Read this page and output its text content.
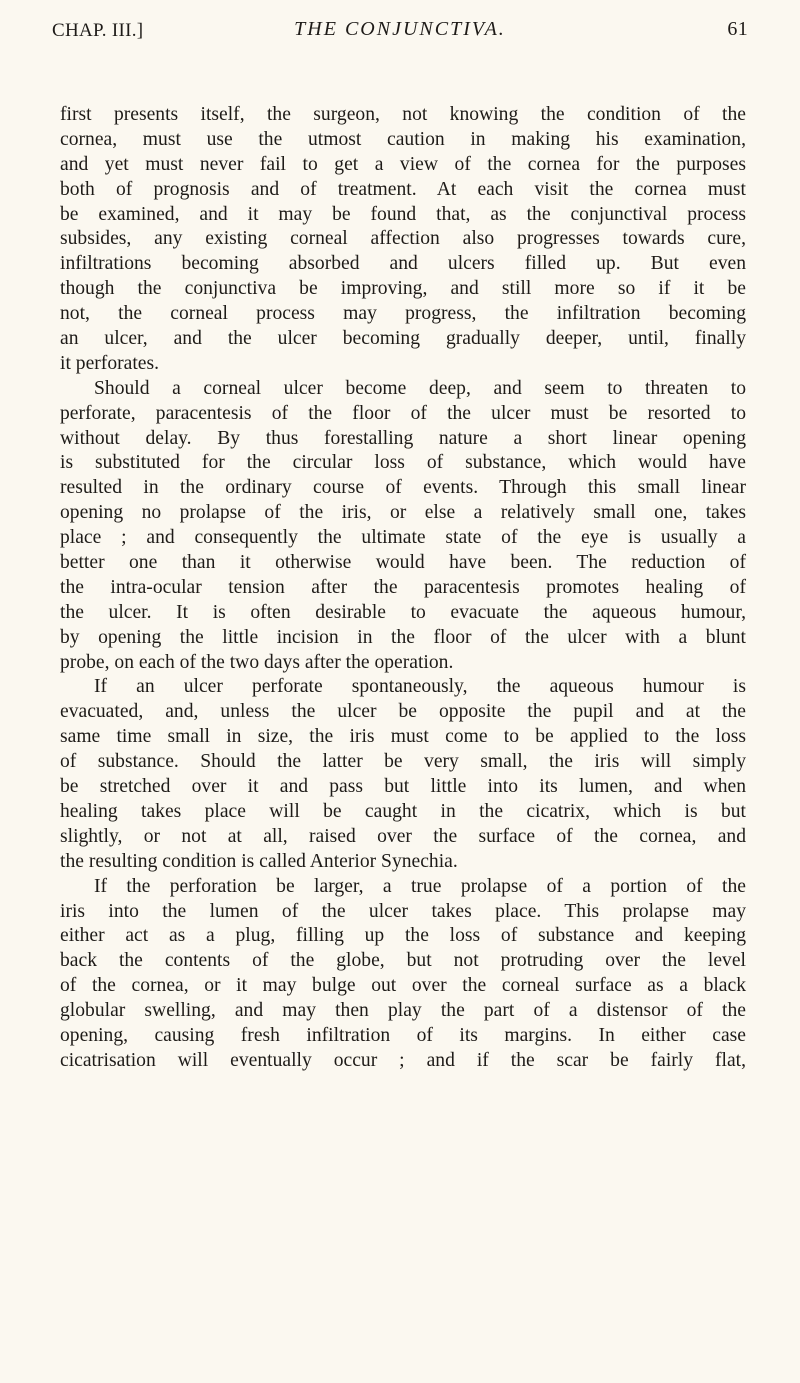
CHAP. III.]	THE CONJUNCTIVA.	61
first presents itself, the surgeon, not knowing the condition of the
cornea, must use the utmost caution in making his examination,
and yet must never fail to get a view of the cornea for the purposes
both of prognosis and of treatment. At each visit the cornea must
be examined, and it may be found that, as the conjunctival process
subsides, any existing corneal affection also progresses towards cure,
infiltrations becoming absorbed and ulcers filled up. But even
though the conjunctiva be improving, and still more so if it be
not, the corneal process may progress, the infiltration becoming
an ulcer, and the ulcer becoming gradually deeper, until, finally
it perforates.
Should a corneal ulcer become deep, and seem to threaten to
perforate, paracentesis of the floor of the ulcer must be resorted to
without delay. By thus forestalling nature a short linear opening
is substituted for the circular loss of substance, which would have
resulted in the ordinary course of events. Through this small linear
opening no prolapse of the iris, or else a relatively small one, takes
place ; and consequently the ultimate state of the eye is usually a
better one than it otherwise would have been. The reduction of
the intra-ocular tension after the paracentesis promotes healing of
the ulcer. It is often desirable to evacuate the aqueous humour,
by opening the little incision in the floor of the ulcer with a blunt
probe, on each of the two days after the operation.
If an ulcer perforate spontaneously, the aqueous humour is
evacuated, and, unless the ulcer be opposite the pupil and at the
same time small in size, the iris must come to be applied to the loss
of substance. Should the latter be very small, the iris will simply
be stretched over it and pass but little into its lumen, and when
healing takes place will be caught in the cicatrix, which is but
slightly, or not at all, raised over the surface of the cornea, and
the resulting condition is called Anterior Synechia.
If the perforation be larger, a true prolapse of a portion of the
iris into the lumen of the ulcer takes place. This prolapse may
either act as a plug, filling up the loss of substance and keeping
back the contents of the globe, but not protruding over the level
of the cornea, or it may bulge out over the corneal surface as a black
globular swelling, and may then play the part of a distensor of the
opening, causing fresh infiltration of its margins. In either case
cicatrisation will eventually occur ; and if the scar be fairly flat,
